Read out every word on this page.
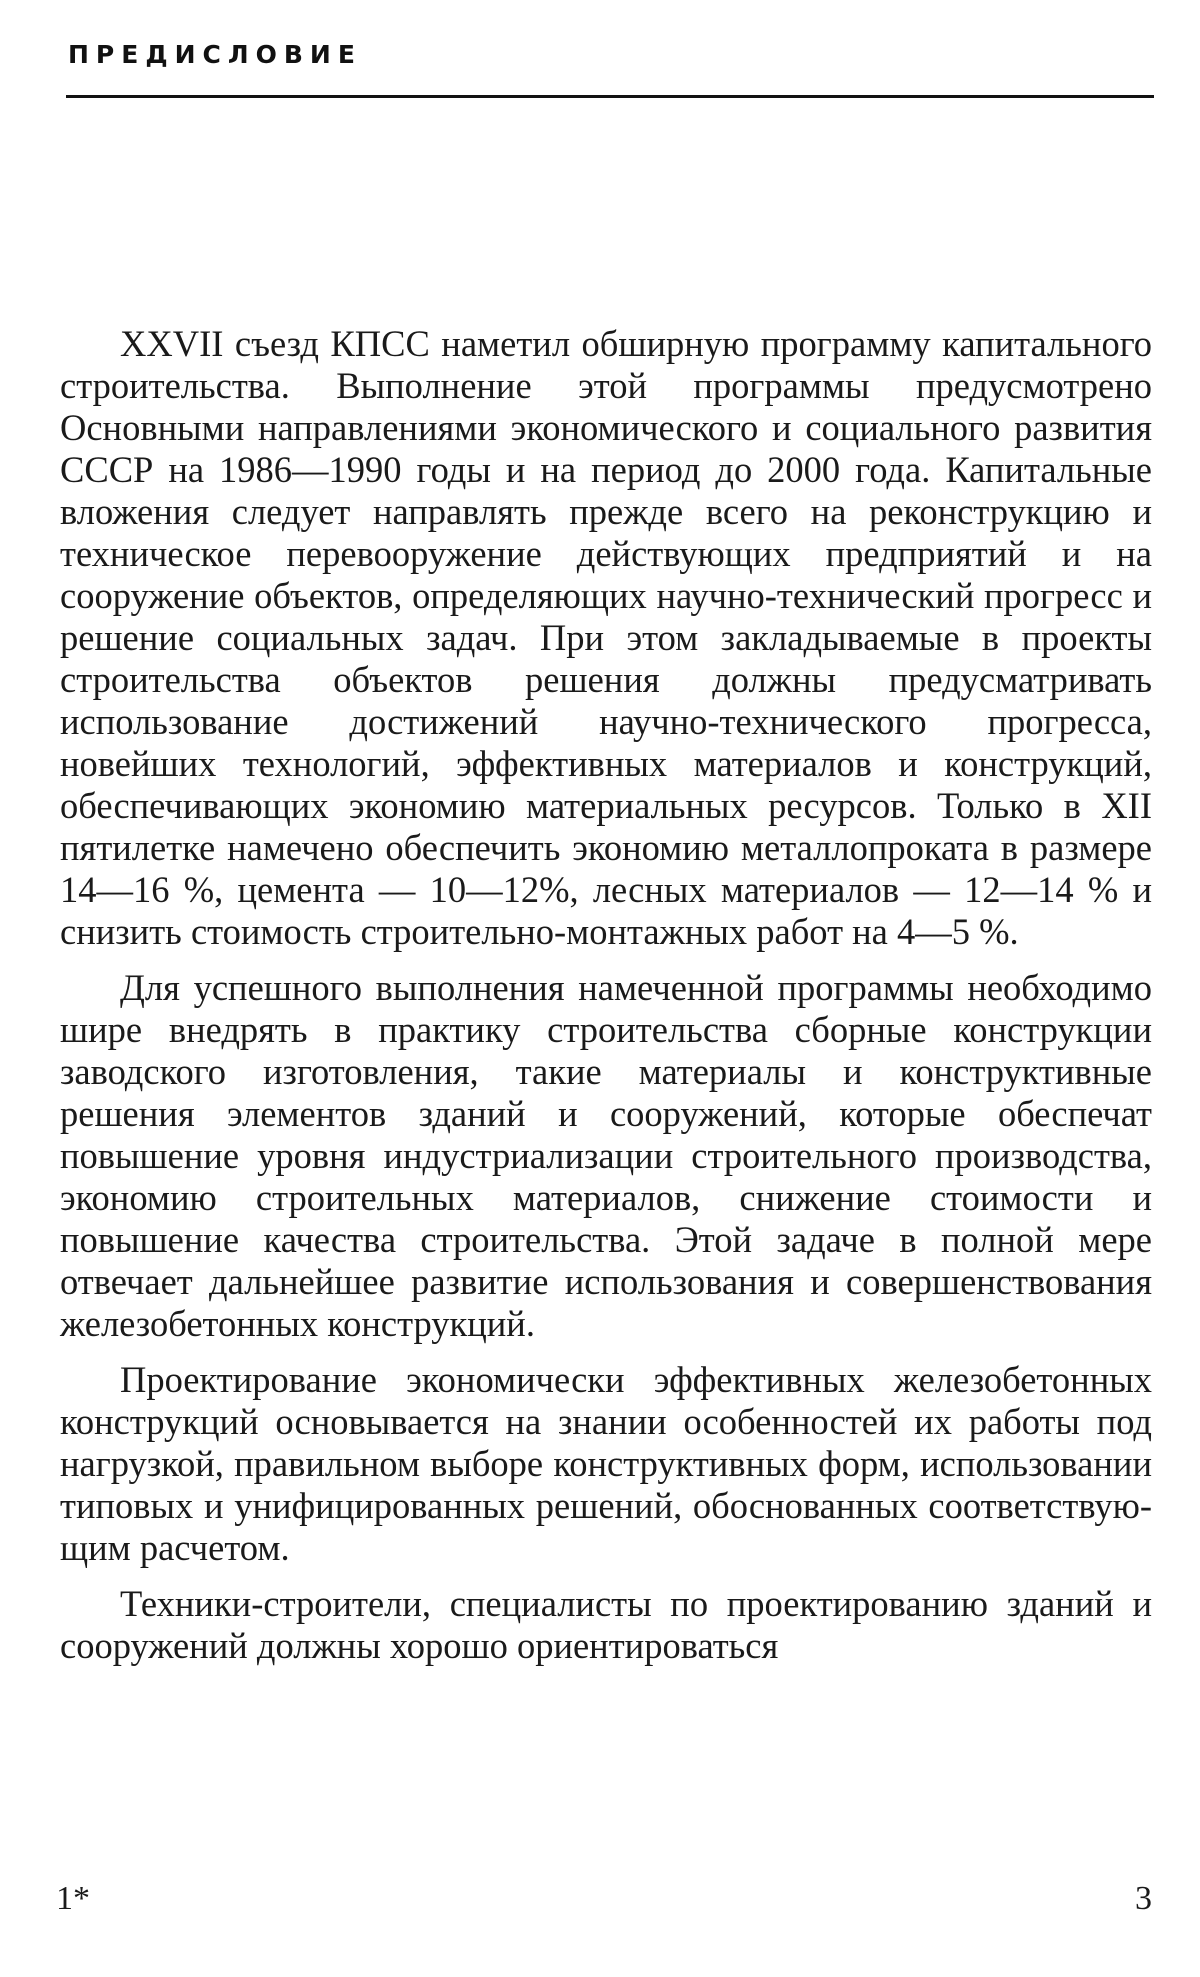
ПРЕДИСЛОВИЕ

XXVII съезд КПСС наметил обширную программу капитального строительства. Выполнение этой программы предусмотрено Основными направлениями экономического и социального развития СССР на 1986—1990 годы и на период до 2000 года. Капитальные вложения следует направлять прежде всего на реконструкцию и техническое перевооружение действующих предприятий и на сооружение объектов, определяющих научно-технический прогресс и решение социальных задач. При этом закладываемые в проекты строительства объектов решения должны предусматривать использование достижений научно-технического прогресса, новейших технологий, эффективных материалов и конструкций, обеспечивающих экономию материальных ресурсов. Только в XII пятилетке намечено обеспечить экономию металлопроката в размере 14—16 %, цемента — 10—12%, лесных материалов — 12—14 % и снизить стоимость строительно-монтажных работ на 4—5 %.

Для успешного выполнения намеченной программы необходимо шире внедрять в практику строительства сборные конструкции заводского изготовления, такие материалы и конструктивные решения элементов зданий и сооружений, которые обеспечат повышение уровня индустриализации строительного производства, экономию строительных материалов, снижение стоимости и повышение качества строительства. Этой задаче в полной мере отвечает дальнейшее развитие использования и совершенствования железобетонных конструкций.

Проектирование экономически эффективных железобетонных конструкций основывается на знании особенностей их работы под нагрузкой, правильном выборе конструктивных форм, использовании типовых и унифицированных решений, обоснованных соответствующим расчетом.

Техники-строители, специалисты по проектированию зданий и сооружений должны хорошо ориентироваться

1*	3
